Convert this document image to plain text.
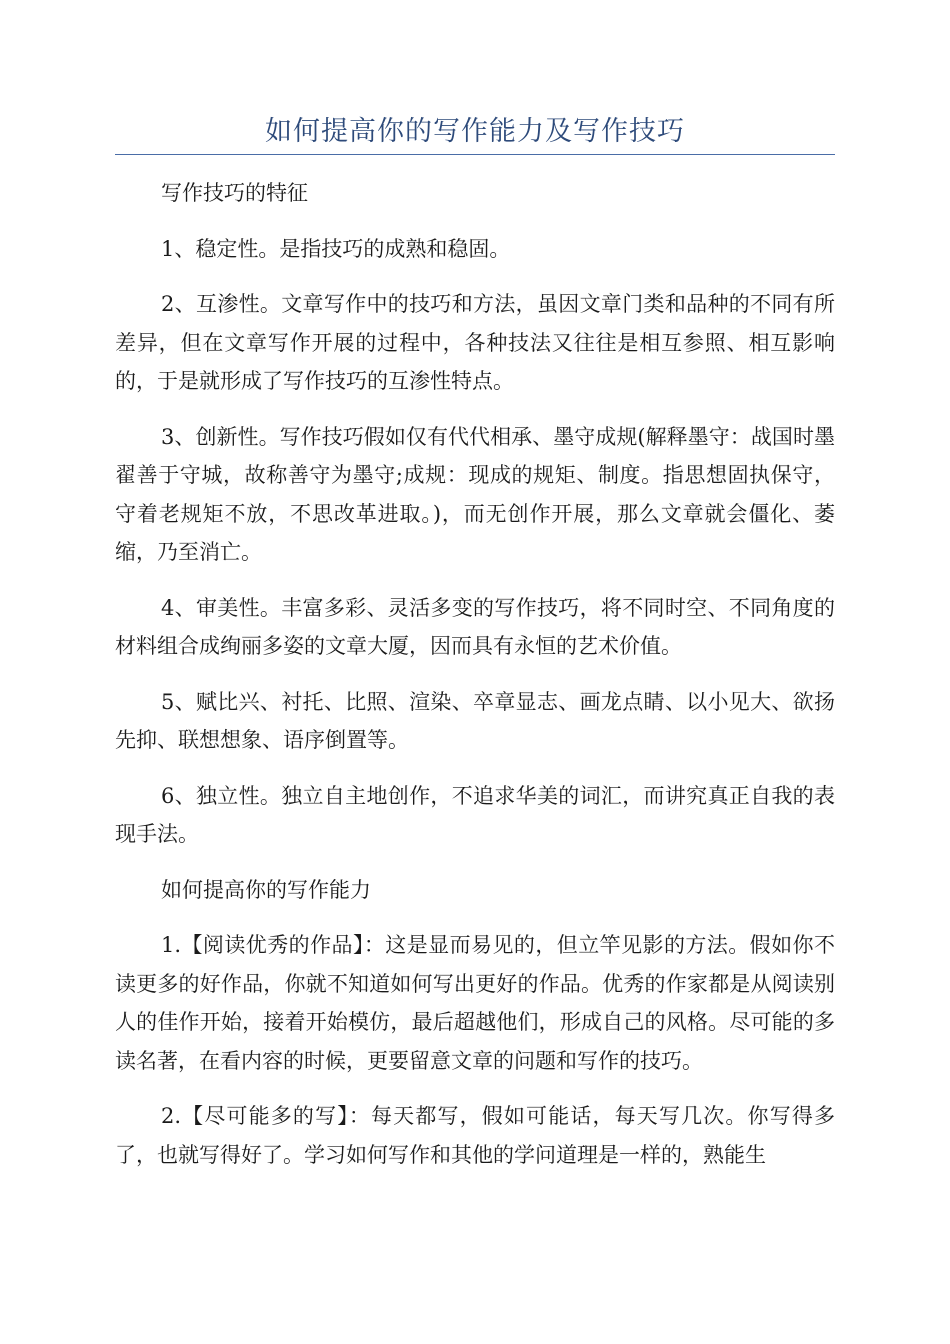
如何提高你的写作能力及写作技巧

写作技巧的特征

1、稳定性。是指技巧的成熟和稳固。

2、互渗性。文章写作中的技巧和方法，虽因文章门类和品种的不同有所差异，但在文章写作开展的过程中，各种技法又往往是相互参照、相互影响的，于是就形成了写作技巧的互渗性特点。

3、创新性。写作技巧假如仅有代代相承、墨守成规(解释墨守：战国时墨翟善于守城，故称善守为墨守;成规：现成的规矩、制度。指思想固执保守，守着老规矩不放，不思改革进取。)，而无创作开展，那么文章就会僵化、萎缩，乃至消亡。

4、审美性。丰富多彩、灵活多变的写作技巧，将不同时空、不同角度的材料组合成绚丽多姿的文章大厦，因而具有永恒的艺术价值。

5、赋比兴、衬托、比照、渲染、卒章显志、画龙点睛、以小见大、欲扬先抑、联想想象、语序倒置等。

6、独立性。独立自主地创作，不追求华美的词汇，而讲究真正自我的表现手法。

如何提高你的写作能力

1.【阅读优秀的作品】：这是显而易见的，但立竿见影的方法。假如你不读更多的好作品，你就不知道如何写出更好的作品。优秀的作家都是从阅读别人的佳作开始，接着开始模仿，最后超越他们，形成自己的风格。尽可能的多读名著，在看内容的时候，更要留意文章的问题和写作的技巧。

2.【尽可能多的写】：每天都写，假如可能话，每天写几次。你写得多了，也就写得好了。学习如何写作和其他的学问道理是一样的，熟能生
